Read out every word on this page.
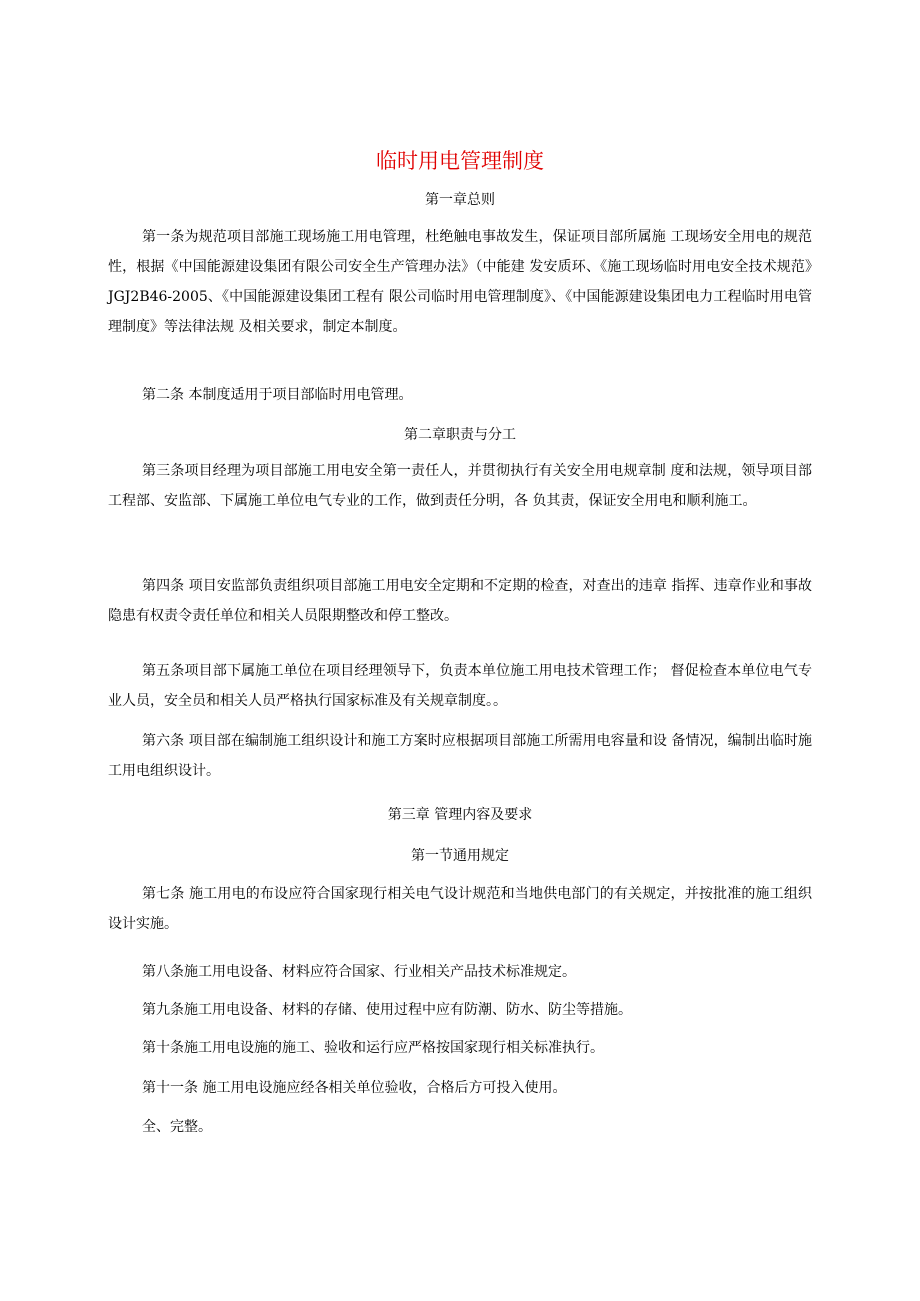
临时用电管理制度
第一章总则

第一条为规范项目部施工现场施工用电管理，杜绝触电事故发生，保证项目部所属施 工现场安全用电的规范性，根据《中国能源建设集团有限公司安全生产管理办法》（中能建 发安质环、《施工现场临时用电安全技术规范》JGJ2B46-2005、《中国能源建设集团工程有 限公司临时用电管理制度》、《中国能源建设集团电力工程临时用电管理制度》等法律法规 及相关要求，制定本制度。

第二条 本制度适用于项目部临时用电管理。

第二章职责与分工

第三条项目经理为项目部施工用电安全第一责任人，并贯彻执行有关安全用电规章制 度和法规，领导项目部工程部、安监部、下属施工单位电气专业的工作，做到责任分明，各 负其责，保证安全用电和顺利施工。

第四条 项目安监部负责组织项目部施工用电安全定期和不定期的检查，对查出的违章 指挥、违章作业和事故隐患有权责令责任单位和相关人员限期整改和停工整改。

第五条项目部下属施工单位在项目经理领导下，负责本单位施工用电技术管理工作； 督促检查本单位电气专业人员，安全员和相关人员严格执行国家标准及有关规章制度。。

第六条 项目部在编制施工组织设计和施工方案时应根据项目部施工所需用电容量和设 备情况，编制出临时施工用电组织设计。

第三章 管理内容及要求
第一节通用规定

第七条 施工用电的布设应符合国家现行相关电气设计规范和当地供电部门的有关规定，并按批准的施工组织设计实施。

第八条施工用电设备、材料应符合国家、行业相关产品技术标准规定。

第九条施工用电设备、材料的存储、使用过程中应有防潮、防水、防尘等措施。

第十条施工用电设施的施工、验收和运行应严格按国家现行相关标准执行。

第十一条 施工用电设施应经各相关单位验收，合格后方可投入使用。

全、完整。
